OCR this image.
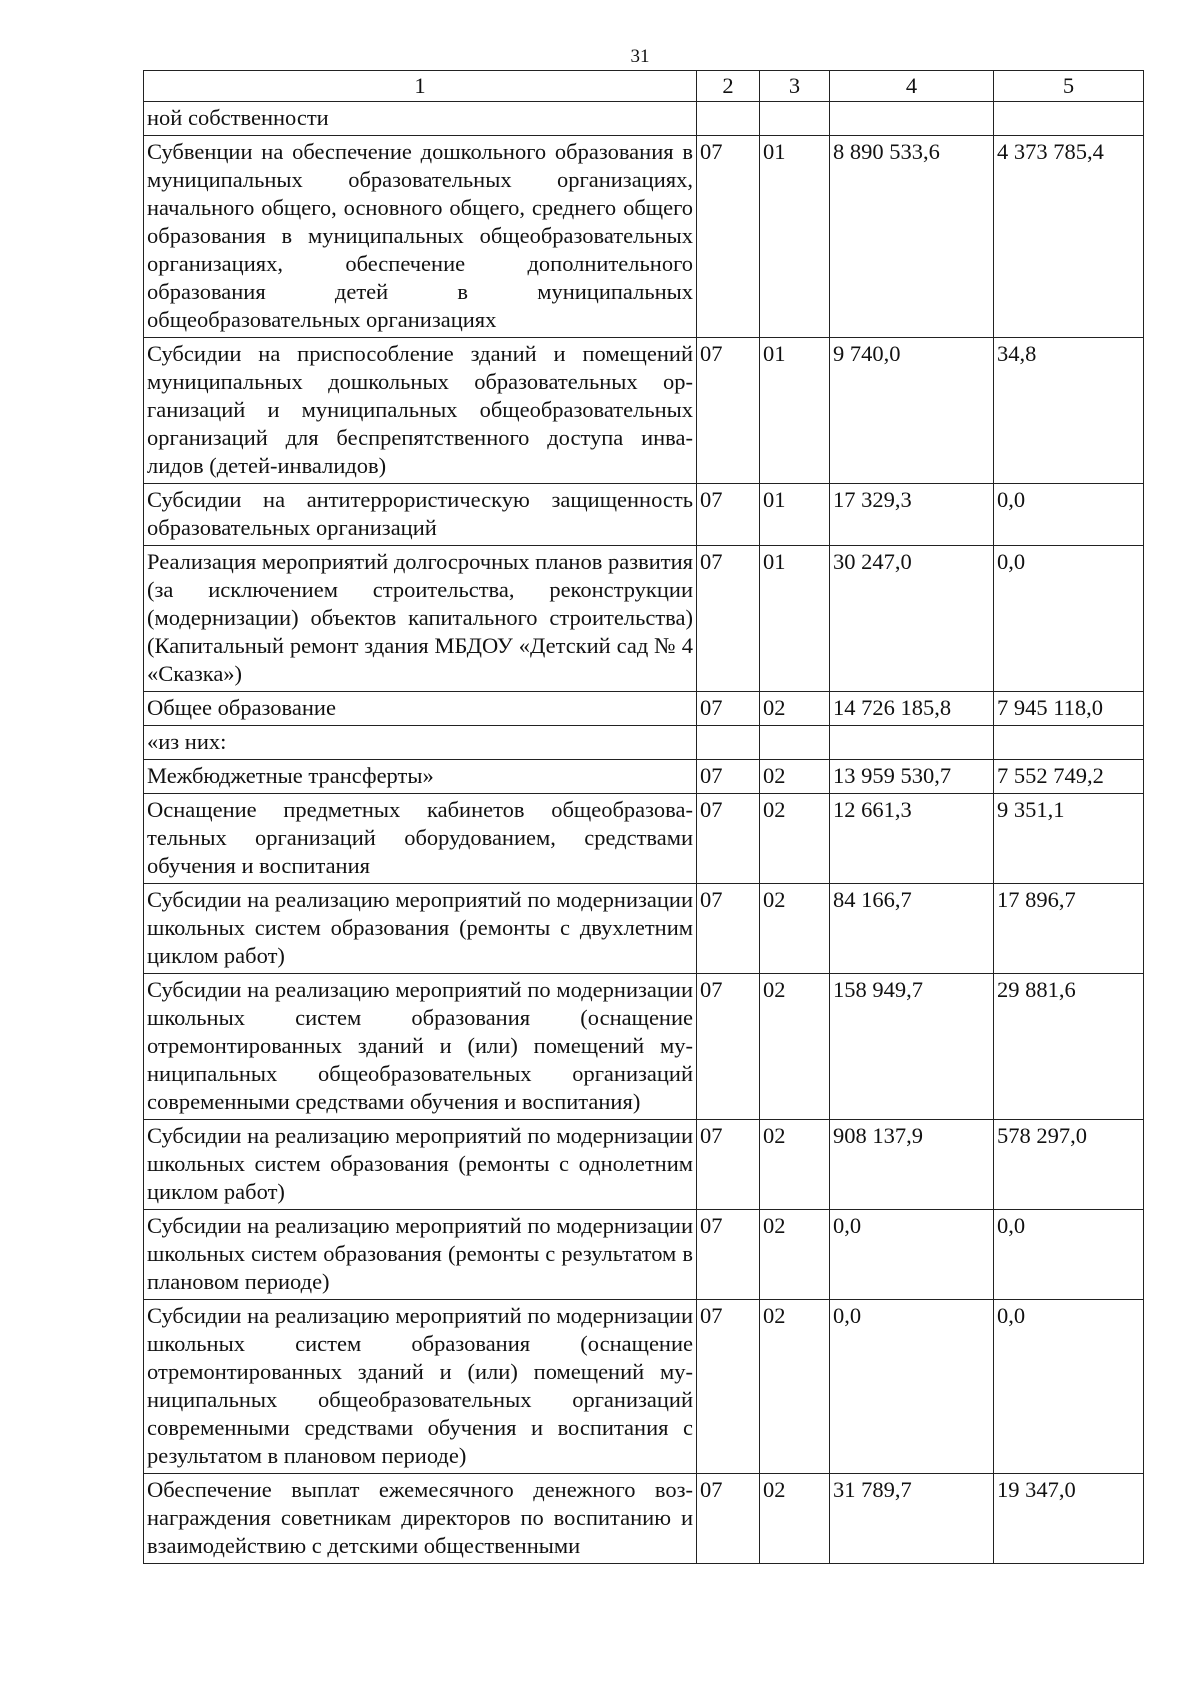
31
1	2	3	4	5
ной собственности				
Субвенции на обеспечение дошкольного образования в муниципальных образовательных организациях, начального общего, основного общего, среднего общего образования в муниципальных общеобразовательных организациях, обеспечение дополнительного образования детей в муниципальных общеобразовательных организациях	07	01	8 890 533,6	4 373 785,4
Субсидии на приспособление зданий и помещений муниципальных дошкольных образовательных организаций и муниципальных общеобразовательных организаций для беспрепятственного доступа инвалидов (детей-инвалидов)	07	01	9 740,0	34,8
Субсидии на антитеррористическую защищенность образовательных организаций	07	01	17 329,3	0,0
Реализация мероприятий долгосрочных планов развития (за исключением строительства, реконструкции (модернизации) объектов капитального строительства) (Капитальный ремонт здания МБДОУ «Детский сад № 4 «Сказка»)	07	01	30 247,0	0,0
Общее образование	07	02	14 726 185,8	7 945 118,0
«из них:				
Межбюджетные трансферты»	07	02	13 959 530,7	7 552 749,2
Оснащение предметных кабинетов общеобразовательных организаций оборудованием, средствами обучения и воспитания	07	02	12 661,3	9 351,1
Субсидии на реализацию мероприятий по модернизации школьных систем образования (ремонты с двухлетним циклом работ)	07	02	84 166,7	17 896,7
Субсидии на реализацию мероприятий по модернизации школьных систем образования (оснащение отремонтированных зданий и (или) помещений муниципальных общеобразовательных организаций современными средствами обучения и воспитания)	07	02	158 949,7	29 881,6
Субсидии на реализацию мероприятий по модернизации школьных систем образования (ремонты с однолетним циклом работ)	07	02	908 137,9	578 297,0
Субсидии на реализацию мероприятий по модернизации школьных систем образования (ремонты с результатом в плановом периоде)	07	02	0,0	0,0
Субсидии на реализацию мероприятий по модернизации школьных систем образования (оснащение отремонтированных зданий и (или) помещений муниципальных общеобразовательных организаций современными средствами обучения и воспитания с результатом в плановом периоде)	07	02	0,0	0,0
Обеспечение выплат ежемесячного денежного вознаграждения советникам директоров по воспитанию и взаимодействию с детскими общественными	07	02	31 789,7	19 347,0
